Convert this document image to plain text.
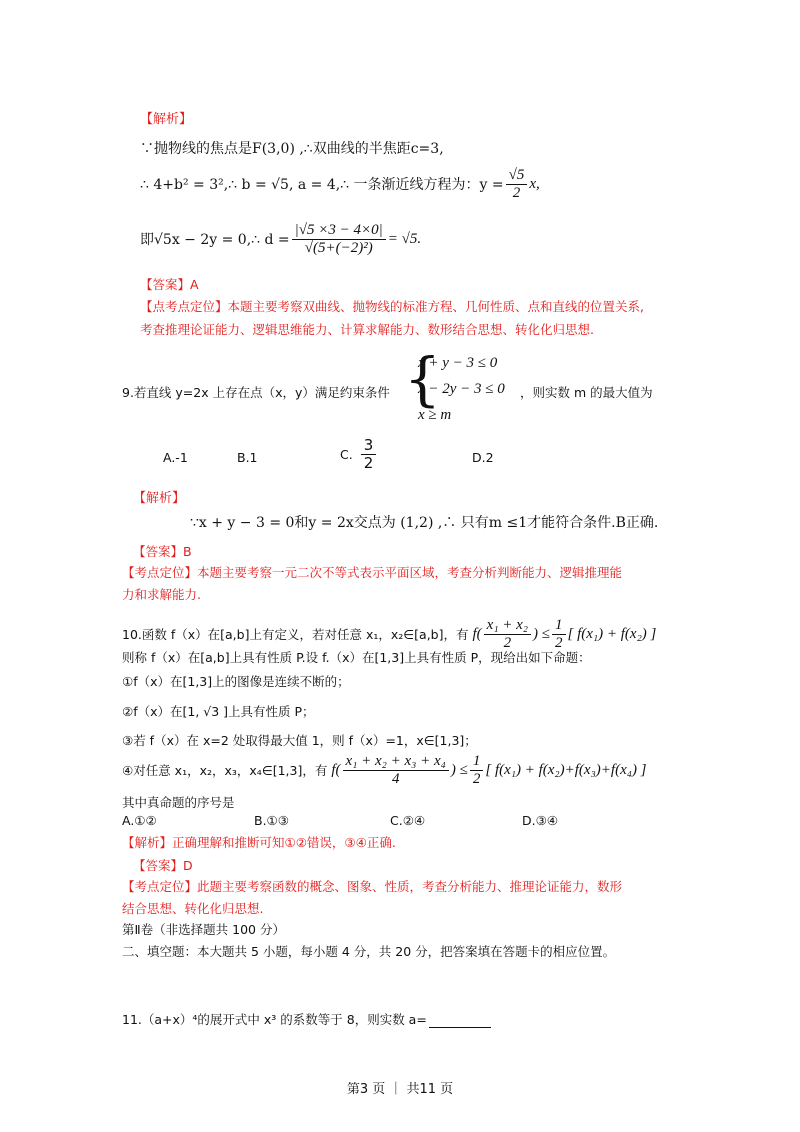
【解析】
∵抛物线的焦点是F(3,0) ,∴双曲线的半焦距c=3,
∴ 4+b² = 3²,∴ b = √5, a = 4,∴ 一条渐近线方程为：$y = \frac{√5}{2} x$,
即√5x − 2y = 0,∴ $d = \frac{|√5 \times 3 - 4\times 0|}{\text{√(5+(−2)²)}} = √5$.
【答案】A
【点考点定位】本题主要考察双曲线、抛物线的标准方程、几何性质、点和直线的位置关系,
考查推理论证能力、逻辑思维能力、计算求解能力、数形结合思想、转化化归思想.
9.若直线 y=2x 上存在点（x，y）满足约束条件 {
x + y − 3 ≤ 0
x − 2y − 3 ≤ 0
x ≥ m
，则实数 m 的最大值为
A.-1	B.1	C. $\frac{3}{2}$	D.2
【解析】
∵x + y − 3 = 0和y = 2x交点为 (1,2) ,∴ 只有m ≤1才能符合条件.B正确.
【答案】B
【考点定位】本题主要考察一元二次不等式表示平面区域，考查分析判断能力、逻辑推理能
力和求解能力.
10.函数 f（x）在[a,b]上有定义，若对任意 x₁，x₂∈[a,b]，有 $f( \frac{\text{x₁ + x₂}}{2}$ ) ≤ $\frac{1}{2}$ [ f(x₁) + f(x₂) ]
则称 f（x）在[a,b]上具有性质 P.设 f.（x）在[1,3]上具有性质 P，现给出如下命题：
①f（x）在[1,3]上的图像是连续不断的；
②f（x）在[1, √3 ]上具有性质 P；
③若 f（x）在 x=2 处取得最大值 1，则 f（x）=1，x∈[1,3]；
④对任意 x₁，x₂，x₃，x₄∈[1,3]，有 $f( \frac{\text{x₁ + x₂ + x₃ + x₄}}{4}$ ) ≤ $\frac{1}{2}$ [ f(x₁) + f(x₂)+f(x₃)+f(x₄) ]
其中真命题的序号是
A.①②	B.①③	C.②④	D.③④
【解析】正确理解和推断可知①②错误，③④正确.
【答案】D
【考点定位】此题主要考察函数的概念、图象、性质，考查分析能力、推理论证能力，数形
结合思想、转化化归思想.
第Ⅱ卷（非选择题共 100 分）
二、填空题：本大题共 5 小题，每小题 4 分，共 20 分，把答案填在答题卡的相应位置。
11.（a+x）⁴的展开式中 x³ 的系数等于 8，则实数 a=
第3 页 ｜ 共11 页
